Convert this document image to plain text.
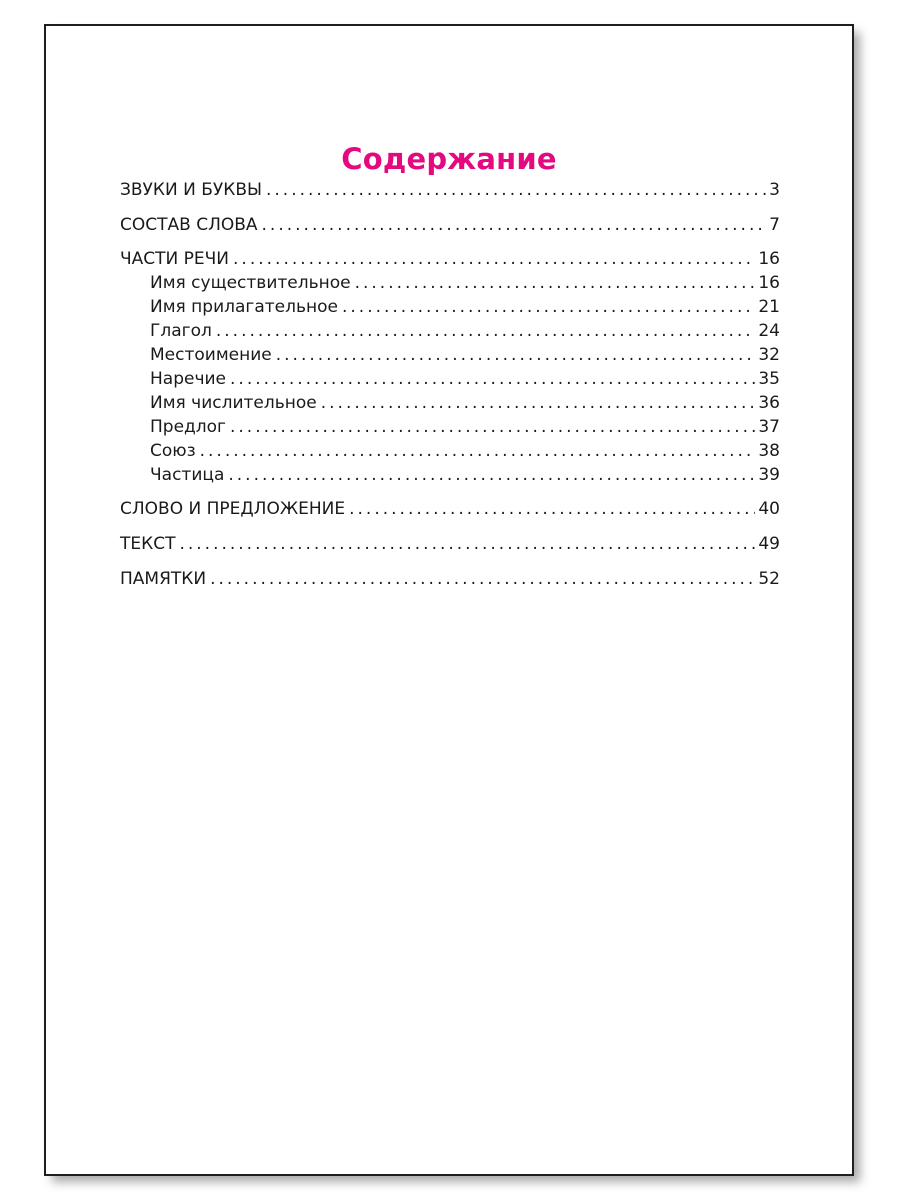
Содержание
ЗВУКИ И БУКВЫ .....	3
СОСТАВ СЛОВА .....	7
ЧАСТИ РЕЧИ .....	16
Имя существительное .....	16
Имя прилагательное .....	21
Глагол .....	24
Местоимение .....	32
Наречие .....	35
Имя числительное .....	36
Предлог .....	37
Союз .....	38
Частица .....	39
СЛОВО И ПРЕДЛОЖЕНИЕ .....	40
ТЕКСТ .....	49
ПАМЯТКИ .....	52
